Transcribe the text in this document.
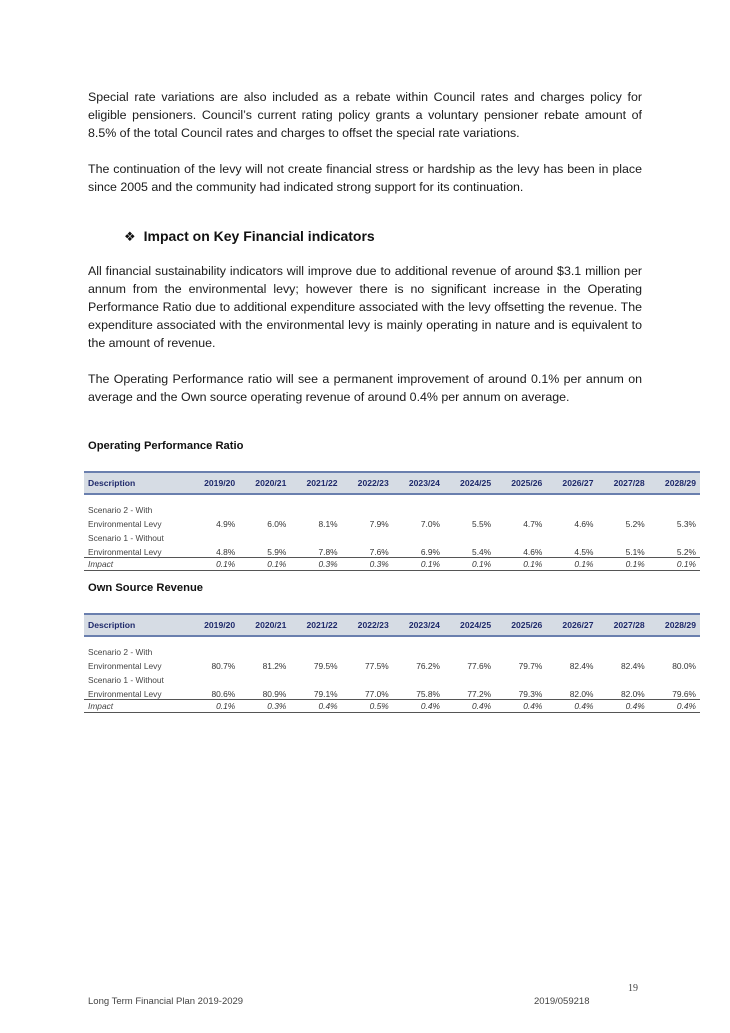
Special rate variations are also included as a rebate within Council rates and charges policy for eligible pensioners. Council’s current rating policy grants a voluntary pensioner rebate amount of 8.5% of the total Council rates and charges to offset the special rate variations.

The continuation of the levy will not create financial stress or hardship as the levy has been in place since 2005 and the community had indicated strong support for its continuation.

❖ Impact on Key Financial indicators

All financial sustainability indicators will improve due to additional revenue of around $3.1 million per annum from the environmental levy; however there is no significant increase in the Operating Performance Ratio due to additional expenditure associated with the levy offsetting the revenue. The expenditure associated with the environmental levy is mainly operating in nature and is equivalent to the amount of revenue.

The Operating Performance ratio will see a permanent improvement of around 0.1% per annum on average and the Own source operating revenue of around 0.4% per annum on average.

Operating Performance Ratio
Description	2019/20	2020/21	2021/22	2022/23	2023/24	2024/25	2025/26	2026/27	2027/28	2028/29

Scenario 2 - With										
Environmental Levy	4.9%	6.0%	8.1%	7.9%	7.0%	5.5%	4.7%	4.6%	5.2%	5.3%
Scenario 1 - Without										
Environmental Levy	4.8%	5.9%	7.8%	7.6%	6.9%	5.4%	4.6%	4.5%	5.1%	5.2%
Impact	0.1%	0.1%	0.3%	0.3%	0.1%	0.1%	0.1%	0.1%	0.1%	0.1%
Own Source Revenue
Description	2019/20	2020/21	2021/22	2022/23	2023/24	2024/25	2025/26	2026/27	2027/28	2028/29

Scenario 2 - With										
Environmental Levy	80.7%	81.2%	79.5%	77.5%	76.2%	77.6%	79.7%	82.4%	82.4%	80.0%
Scenario 1 - Without										
Environmental Levy	80.6%	80.9%	79.1%	77.0%	75.8%	77.2%	79.3%	82.0%	82.0%	79.6%
Impact	0.1%	0.3%	0.4%	0.5%	0.4%	0.4%	0.4%	0.4%	0.4%	0.4%
19
Long Term Financial Plan 2019-2029	2019/059218
